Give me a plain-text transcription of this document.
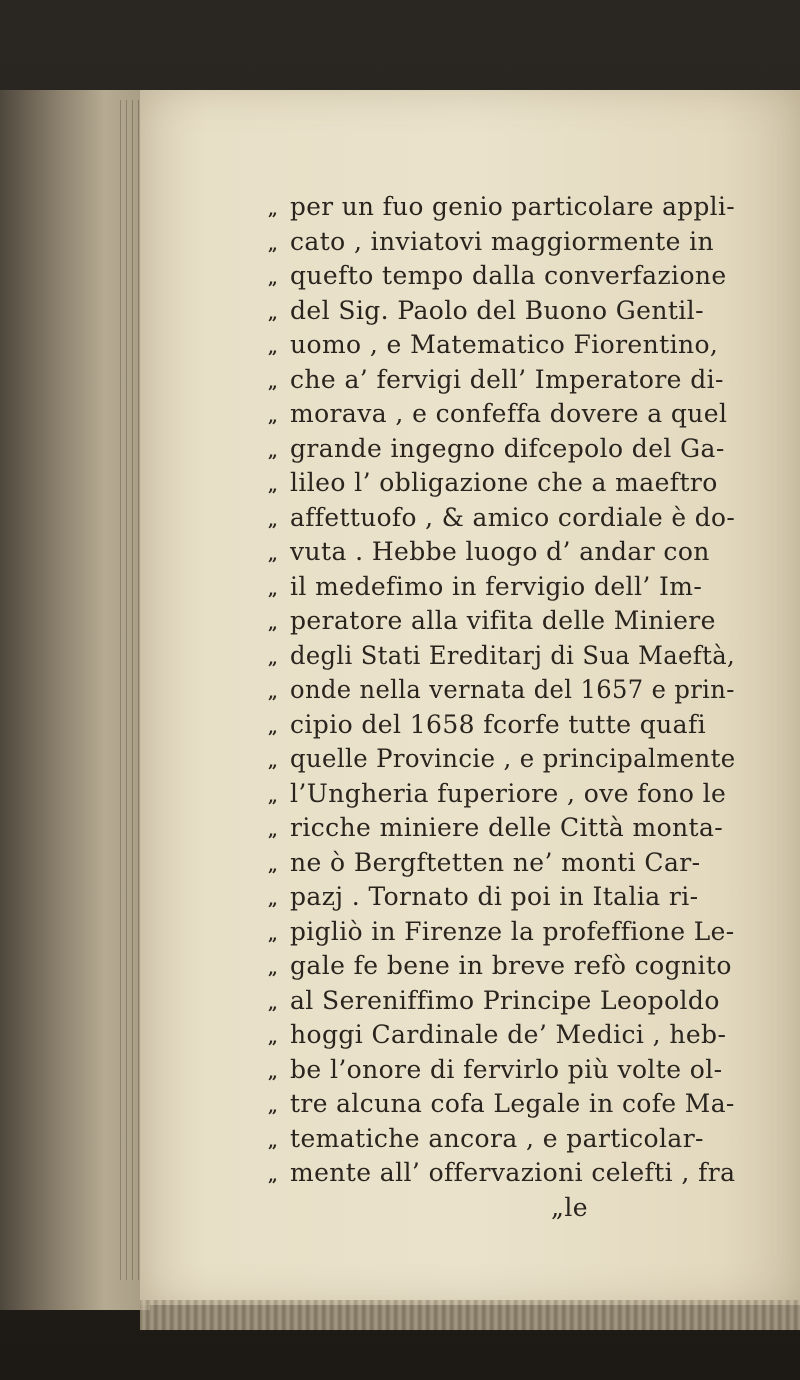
„ per un fuo genio particolare appli-
„ cato , inviatovi maggiormente in
„ quefto tempo dalla converfazione
„ del Sig. Paolo del Buono Gentil-
„ uomo , e Matematico Fiorentino,
„ che a’ fervigi dell’ Imperatore di-
„ morava , e confeffa dovere a quel
„ grande ingegno difcepolo del Ga-
„ lileo l’ obligazione che a maeftro
„ affettuofo , & amico cordiale è do-
„ vuta . Hebbe luogo d’ andar con
„ il medefimo in fervigio dell’ Im-
„ peratore alla vifita delle Miniere
„ degli Stati Ereditarj di Sua Maeftà,
„ onde nella vernata del 1657 e prin-
„ cipio del 1658 fcorfe tutte quafi
„ quelle Provincie , e principalmente
„ l’Ungheria fuperiore , ove fono le
„ ricche miniere delle Città monta-
„ ne ò Bergftetten ne’ monti Car-
„ pazj . Tornato di poi in Italia ri-
„ pigliò in Firenze la profeffione Le-
„ gale fe bene in breve refò cognito
„ al Sereniffimo Principe Leopoldo
„ hoggi Cardinale de’ Medici , heb-
„ be l’onore di fervirlo più volte ol-
„ tre alcuna cofa Legale in cofe Ma-
„ tematiche ancora , e particolar-
„ mente all’ offervazioni celefti , fra
„le
